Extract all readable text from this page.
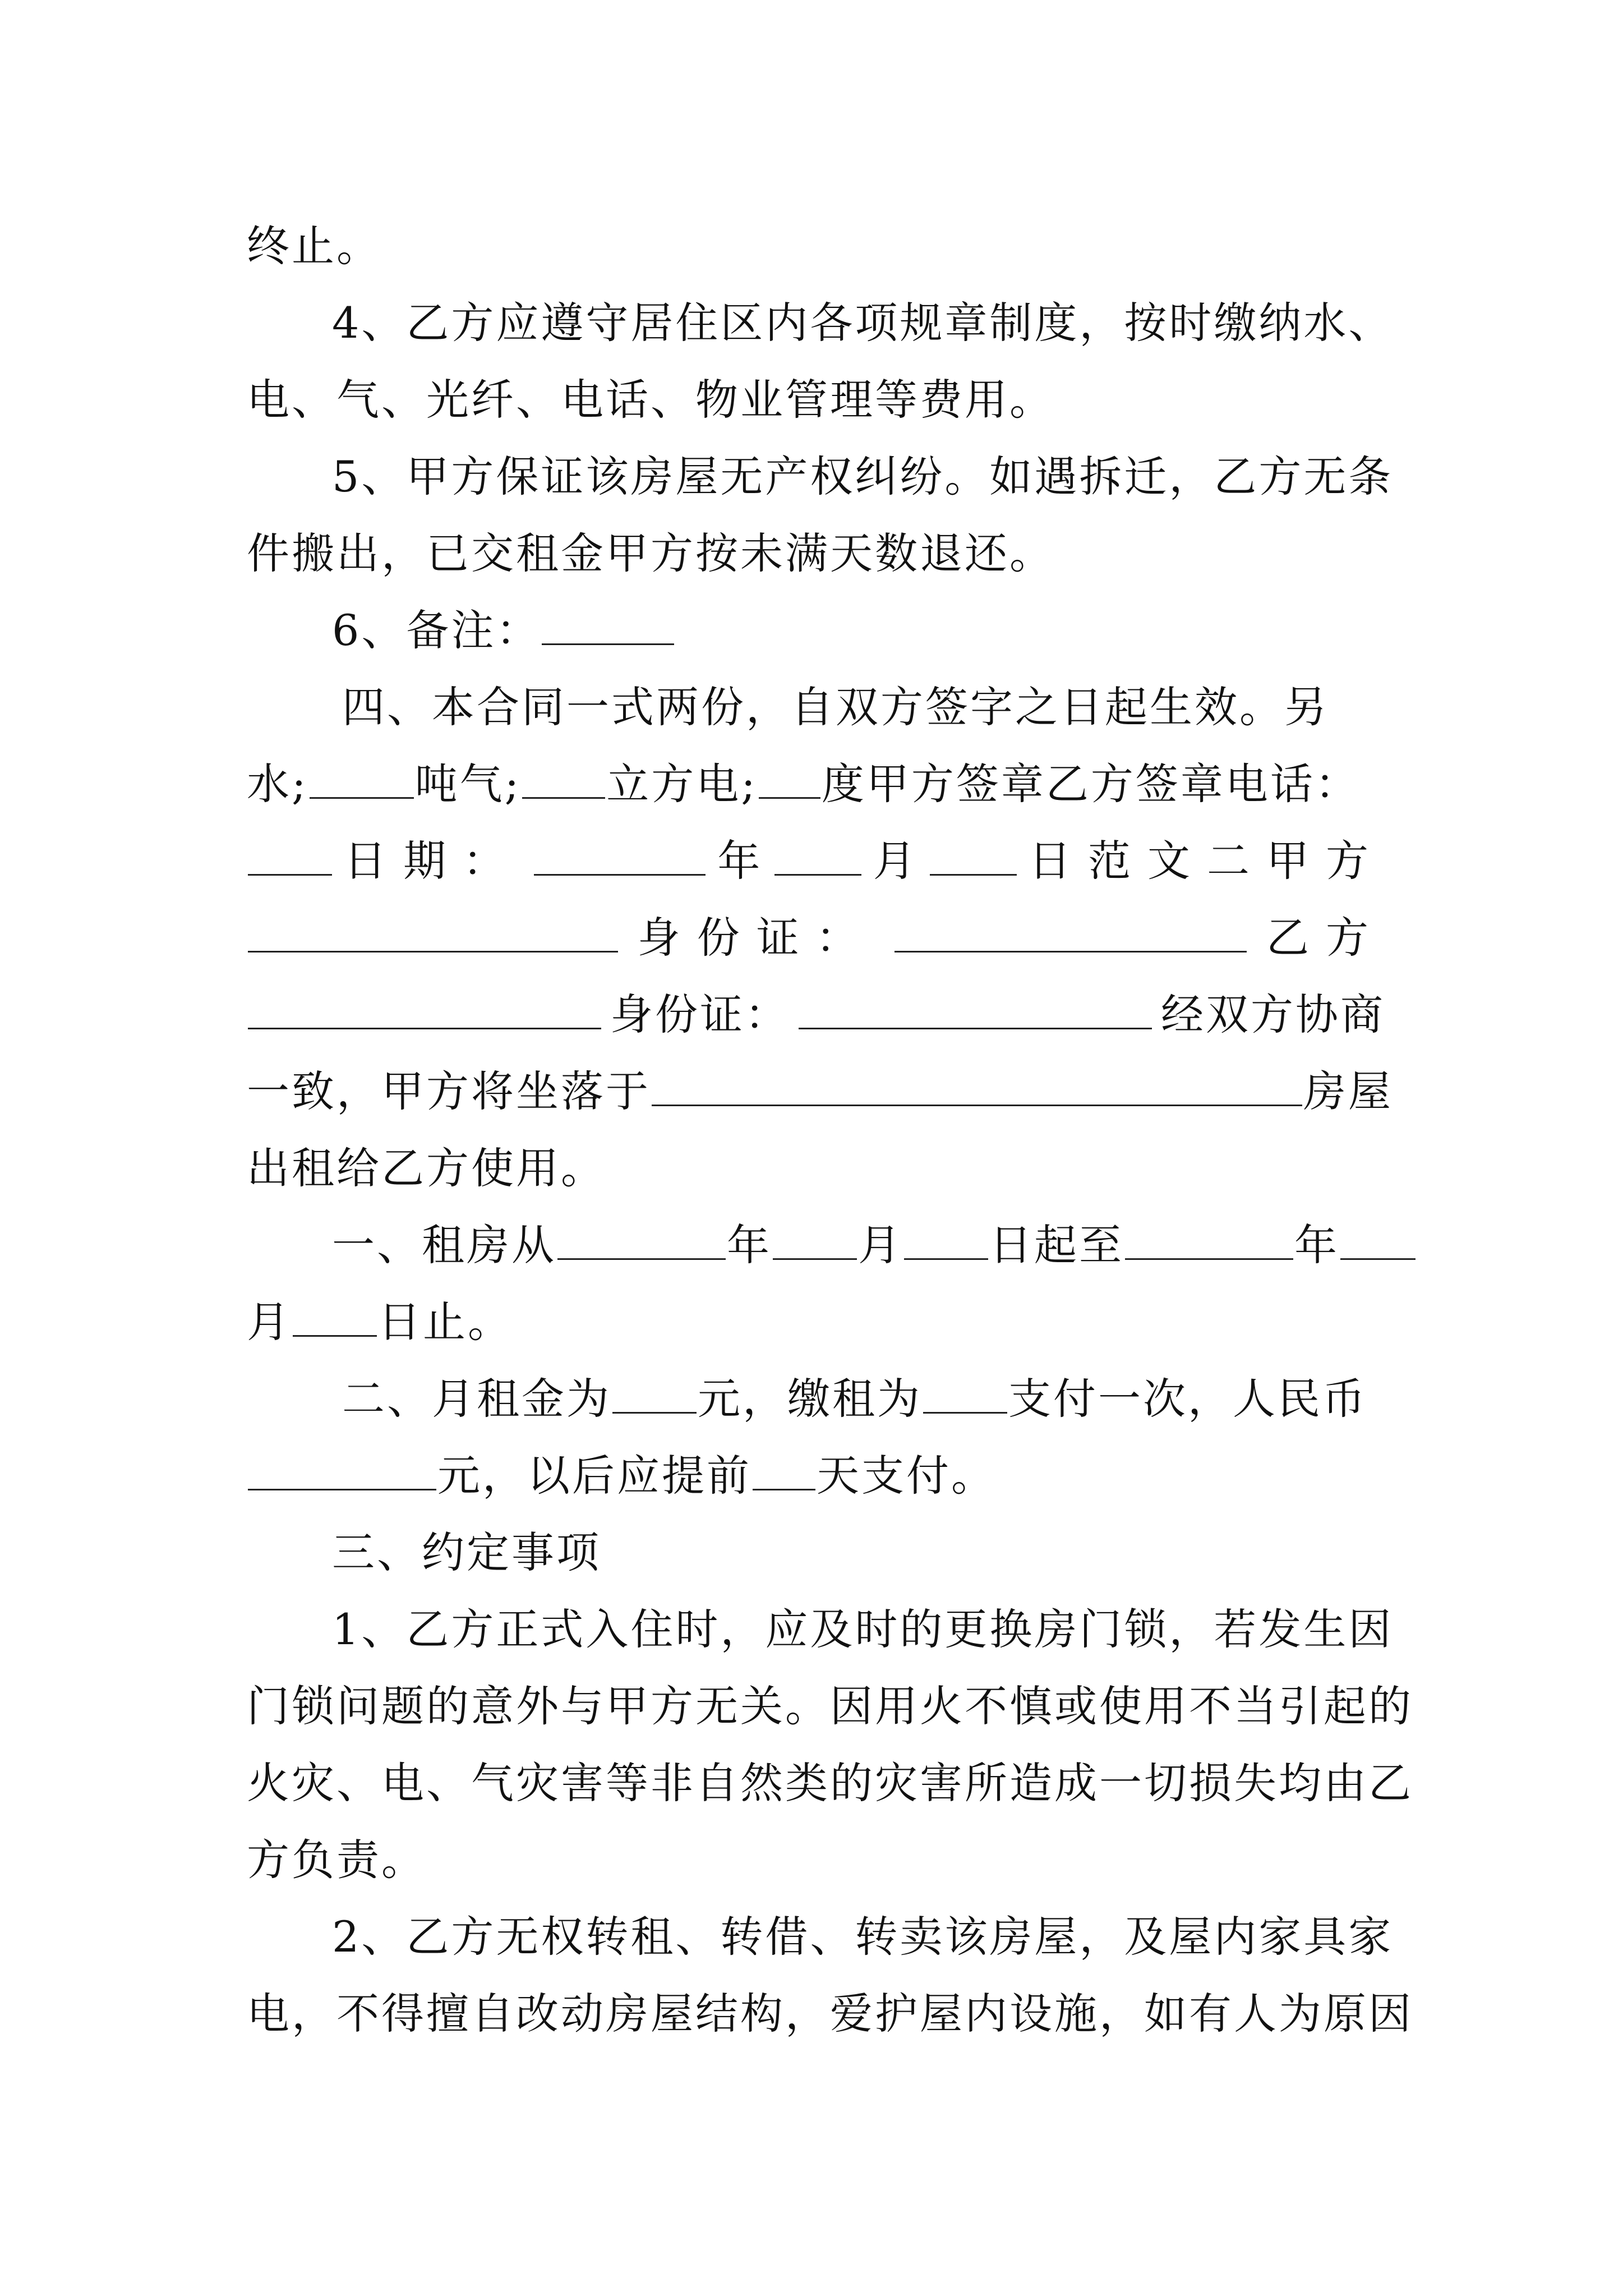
终止。
4、乙方应遵守居住区内各项规章制度，按时缴纳水、
电、气、光纤、电话、物业管理等费用。
5、甲方保证该房屋无产权纠纷。如遇拆迁，乙方无条
件搬出，已交租金甲方按未满天数退还。
6、备注：
四、本合同一式两份，自双方签字之日起生效。另
水;	吨气; 立方电; 度甲方签章乙方签章电话：
日期：	年	月	日范文二甲方
身份证：	乙方
身份证：	经双方协商
一致，甲方将坐落于	房屋
出租给乙方使用。
一、租房从	年 月 日起至	年
月 日止。
二、月租金为 元，缴租为 支付一次，人民币
元，以后应提前 天支付。
三、约定事项
1、乙方正式入住时，应及时的更换房门锁，若发生因
门锁问题的意外与甲方无关。因用火不慎或使用不当引起的
火灾、电、气灾害等非自然类的灾害所造成一切损失均由乙
方负责。
2、乙方无权转租、转借、转卖该房屋，及屋内家具家
电，不得擅自改动房屋结构，爱护屋内设施，如有人为原因
